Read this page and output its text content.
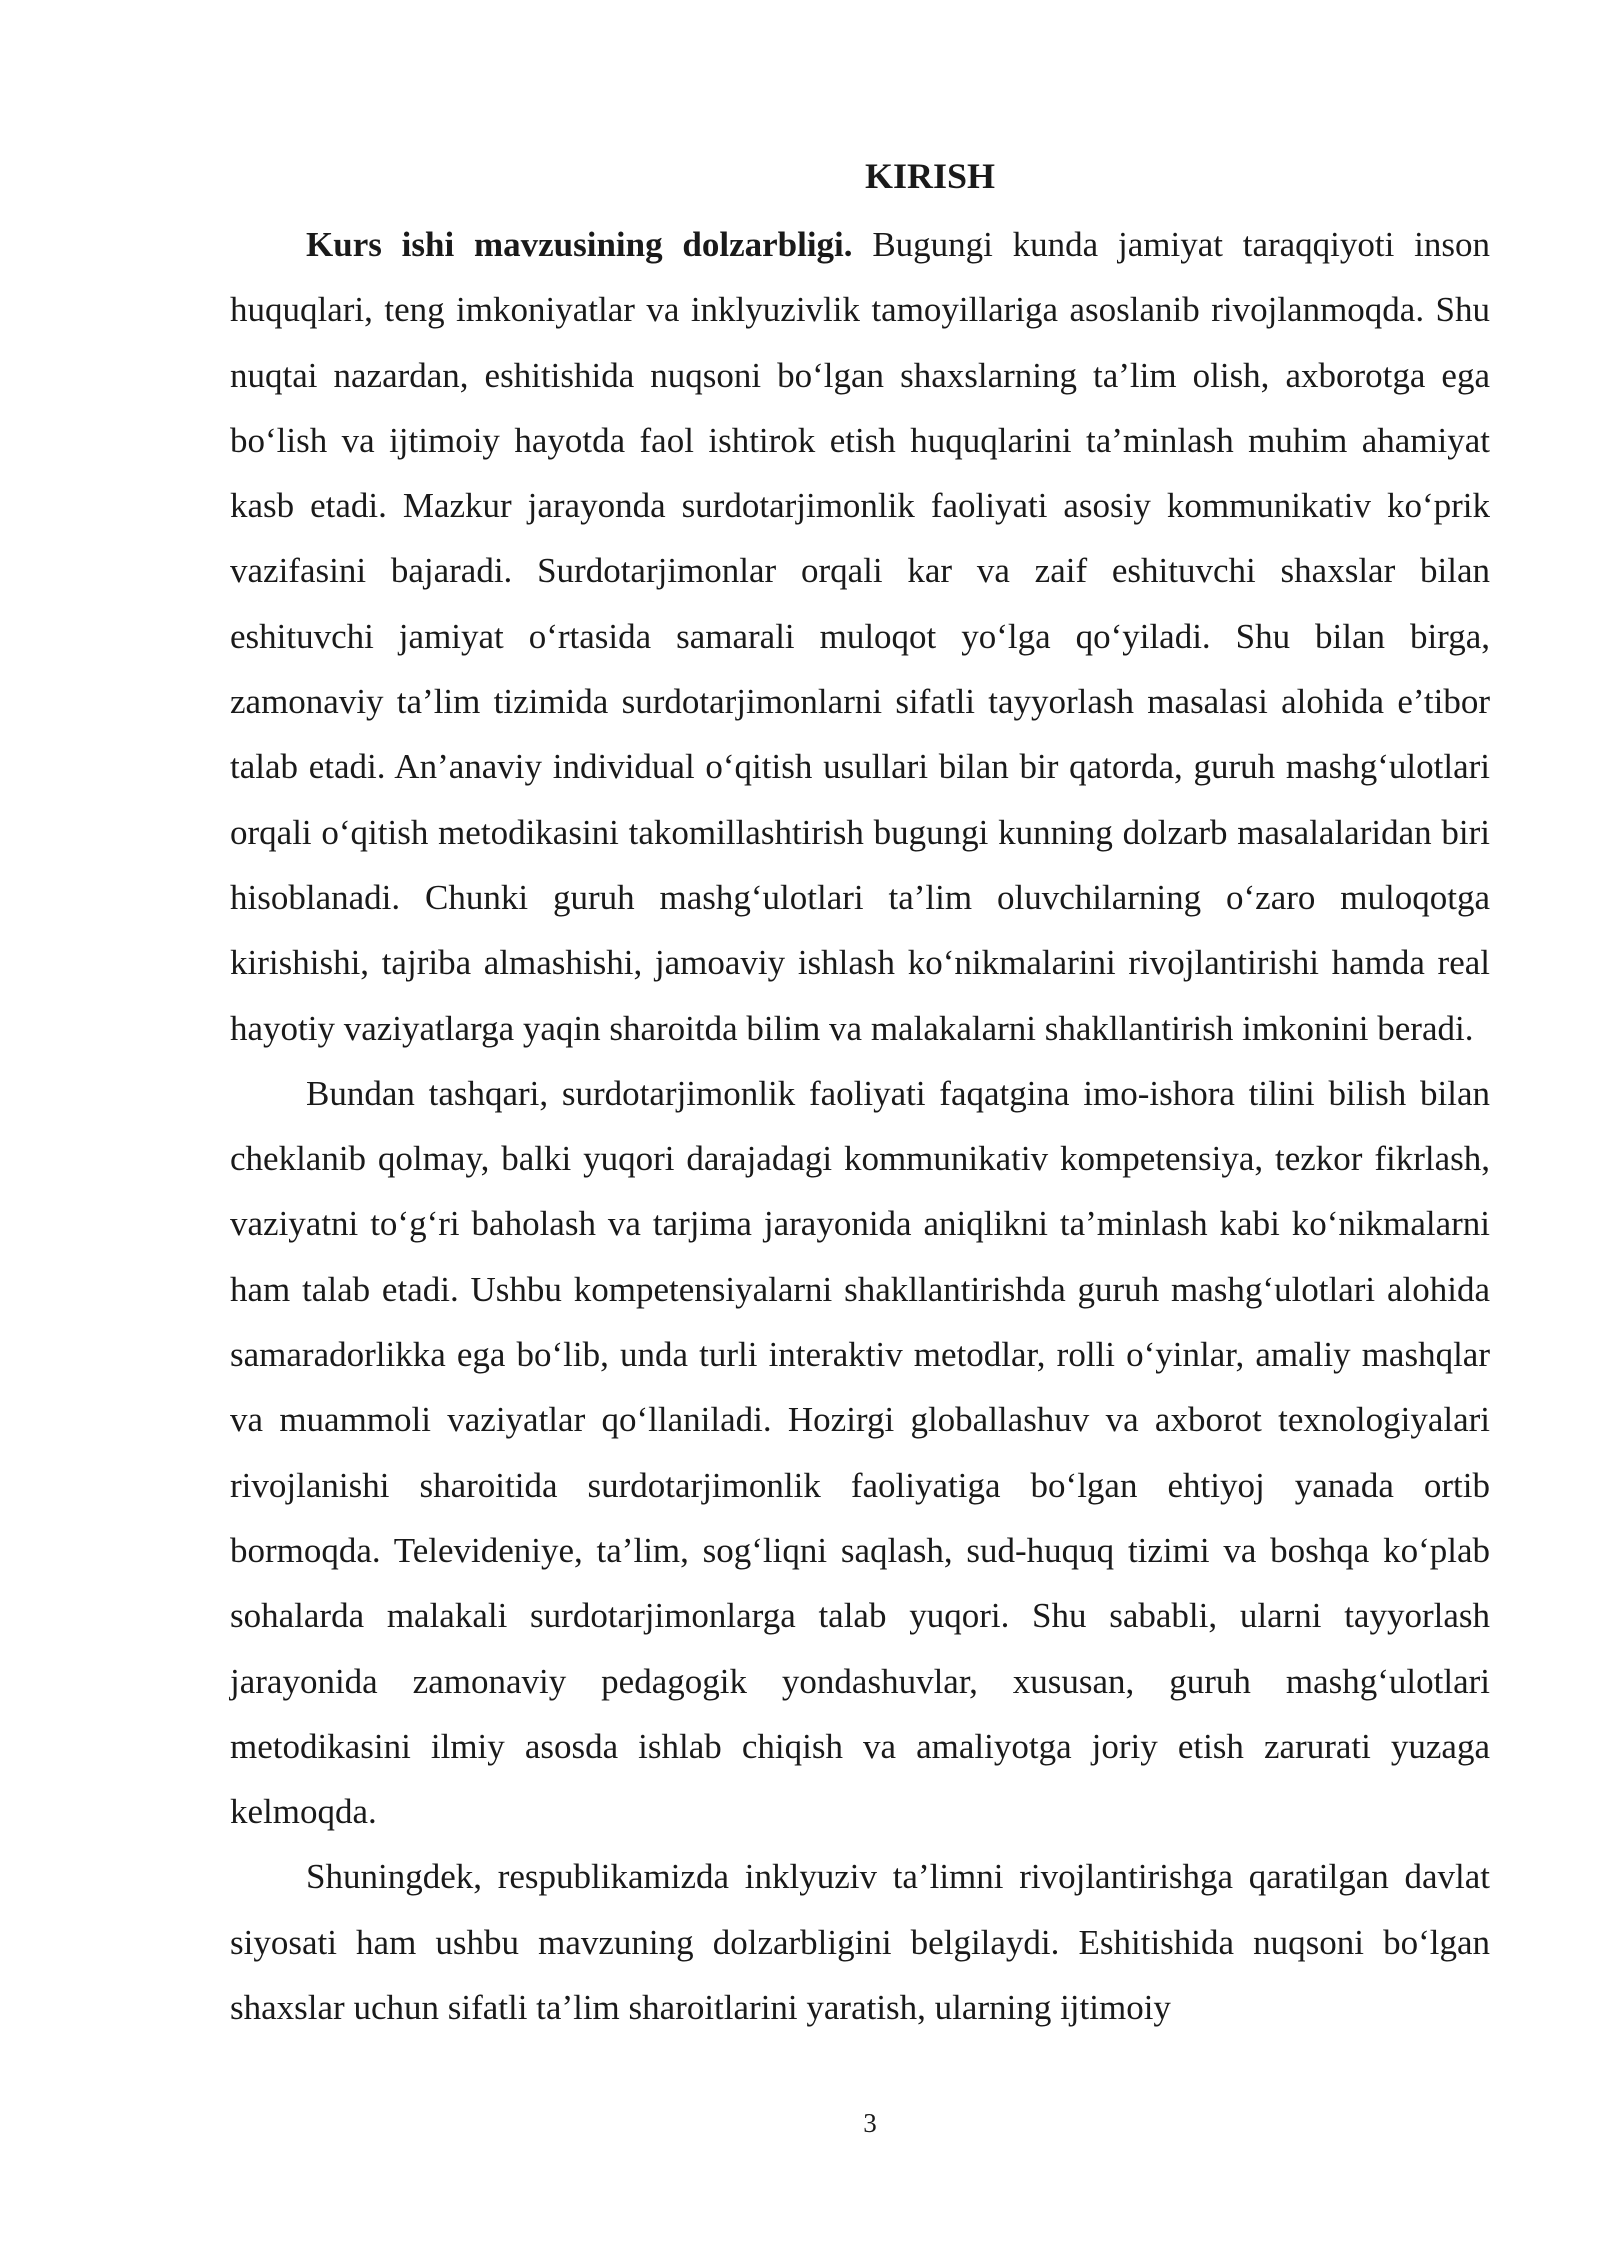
KIRISH

Kurs ishi mavzusining dolzarbligi. Bugungi kunda jamiyat taraqqiyoti inson huquqlari, teng imkoniyatlar va inklyuzivlik tamoyillariga asoslanib rivojlanmoqda. Shu nuqtai nazardan, eshitishida nuqsoni bo‘lgan shaxslarning ta’lim olish, axborotga ega bo‘lish va ijtimoiy hayotda faol ishtirok etish huquqlarini ta’minlash muhim ahamiyat kasb etadi. Mazkur jarayonda surdotarjimonlik faoliyati asosiy kommunikativ ko‘prik vazifasini bajaradi. Surdotarjimonlar orqali kar va zaif eshituvchi shaxslar bilan eshituvchi jamiyat o‘rtasida samarali muloqot yo‘lga qo‘yiladi. Shu bilan birga, zamonaviy ta’lim tizimida surdotarjimonlarni sifatli tayyorlash masalasi alohida e’tibor talab etadi. An’anaviy individual o‘qitish usullari bilan bir qatorda, guruh mashg‘ulotlari orqali o‘qitish metodikasini takomillashtirish bugungi kunning dolzarb masalalaridan biri hisoblanadi. Chunki guruh mashg‘ulotlari ta’lim oluvchilarning o‘zaro muloqotga kirishishi, tajriba almashishi, jamoaviy ishlash ko‘nikmalarini rivojlantirishi hamda real hayotiy vaziyatlarga yaqin sharoitda bilim va malakalarni shakllantirish imkonini beradi.

Bundan tashqari, surdotarjimonlik faoliyati faqatgina imo-ishora tilini bilish bilan cheklanib qolmay, balki yuqori darajadagi kommunikativ kompetensiya, tezkor fikrlash, vaziyatni to‘g‘ri baholash va tarjima jarayonida aniqlikni ta’minlash kabi ko‘nikmalarni ham talab etadi. Ushbu kompetensiyalarni shakllantirishda guruh mashg‘ulotlari alohida samaradorlikka ega bo‘lib, unda turli interaktiv metodlar, rolli o‘yinlar, amaliy mashqlar va muammoli vaziyatlar qo‘llaniladi. Hozirgi globallashuv va axborot texnologiyalari rivojlanishi sharoitida surdotarjimonlik faoliyatiga bo‘lgan ehtiyoj yanada ortib bormoqda. Televideniye, ta’lim, sog‘liqni saqlash, sud-huquq tizimi va boshqa ko‘plab sohalarda malakali surdotarjimonlarga talab yuqori. Shu sababli, ularni tayyorlash jarayonida zamonaviy pedagogik yondashuvlar, xususan, guruh mashg‘ulotlari metodikasini ilmiy asosda ishlab chiqish va amaliyotga joriy etish zarurati yuzaga kelmoqda.

Shuningdek, respublikamizda inklyuziv ta’limni rivojlantirishga qaratilgan davlat siyosati ham ushbu mavzuning dolzarbligini belgilaydi. Eshitishida nuqsoni bo‘lgan shaxslar uchun sifatli ta’lim sharoitlarini yaratish, ularning ijtimoiy

3
